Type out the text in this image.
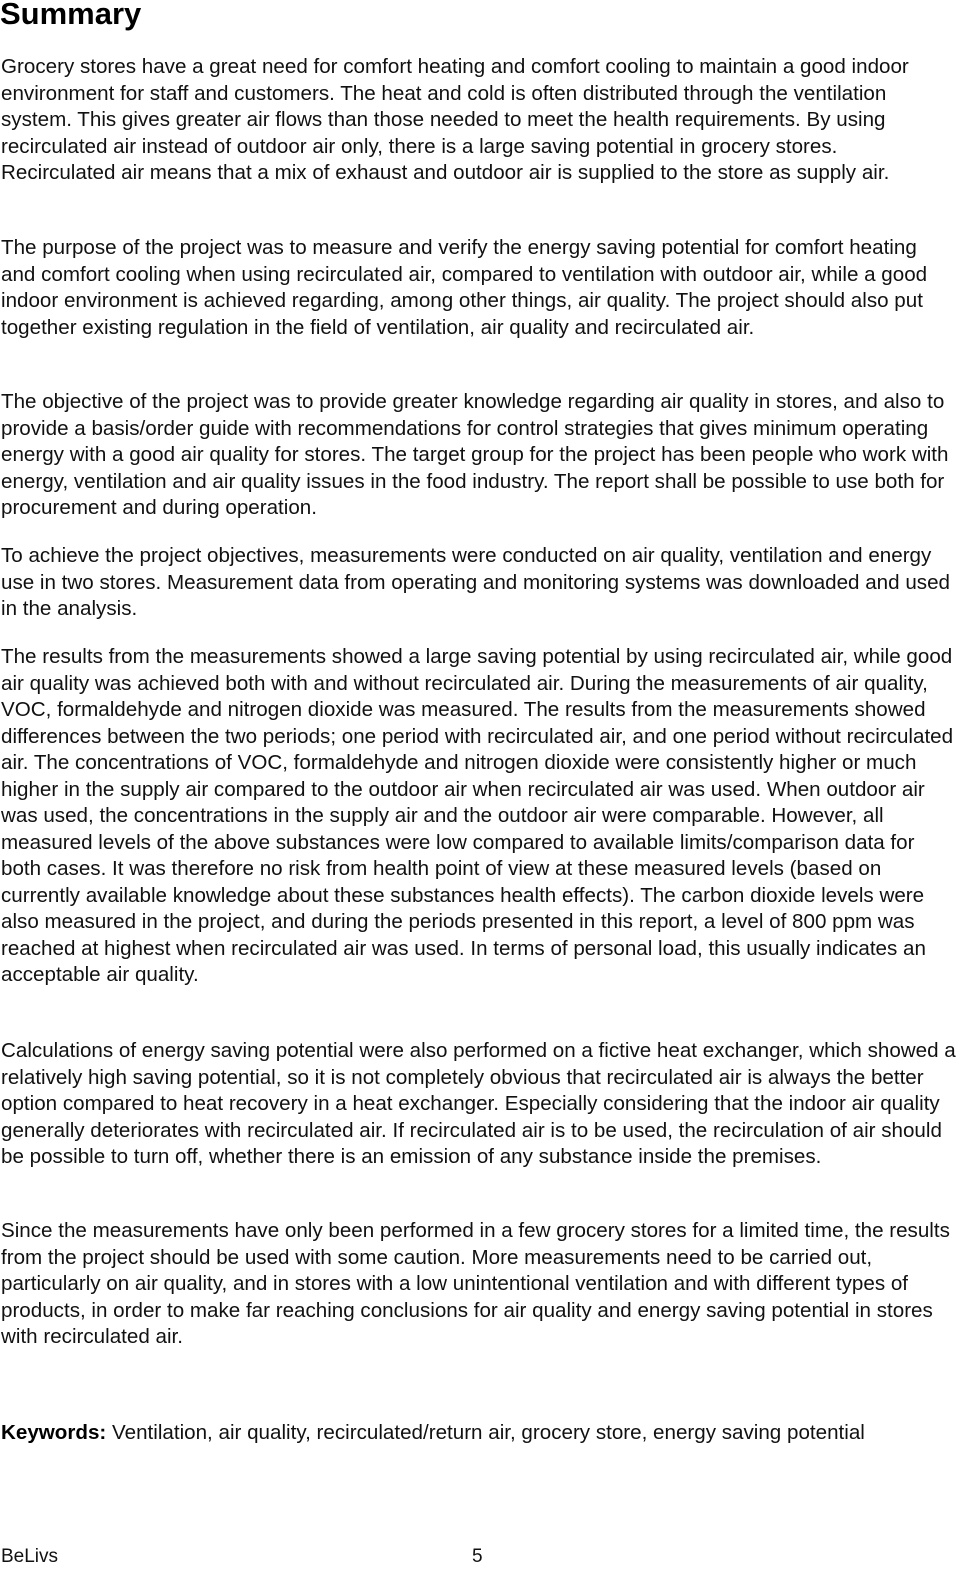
Summary

Grocery stores have a great need for comfort heating and comfort cooling to maintain a good indoor environment for staff and customers. The heat and cold is often distributed through the ventilation system. This gives greater air flows than those needed to meet the health requirements. By using recirculated air instead of outdoor air only, there is a large saving potential in grocery stores. Recirculated air means that a mix of exhaust and outdoor air is supplied to the store as supply air.

The purpose of the project was to measure and verify the energy saving potential for comfort heating and comfort cooling when using recirculated air, compared to ventilation with outdoor air, while a good indoor environment is achieved regarding, among other things, air quality. The project should also put together existing regulation in the field of ventilation, air quality and recirculated air.

The objective of the project was to provide greater knowledge regarding air quality in stores, and also to provide a basis/order guide with recommendations for control strategies that gives minimum operating energy with a good air quality for stores. The target group for the project has been people who work with energy, ventilation and air quality issues in the food industry. The report shall be possible to use both for procurement and during operation.

To achieve the project objectives, measurements were conducted on air quality, ventilation and energy use in two stores. Measurement data from operating and monitoring systems was downloaded and used in the analysis.

The results from the measurements showed a large saving potential by using recirculated air, while good air quality was achieved both with and without recirculated air. During the measurements of air quality, VOC, formaldehyde and nitrogen dioxide was measured. The results from the measurements showed differences between the two periods; one period with recirculated air, and one period without recirculated air. The concentrations of VOC, formaldehyde and nitrogen dioxide were consistently higher or much higher in the supply air compared to the outdoor air when recirculated air was used. When outdoor air was used, the concentrations in the supply air and the outdoor air were comparable. However, all measured levels of the above substances were low compared to available limits/comparison data for both cases. It was therefore no risk from health point of view at these measured levels (based on currently available knowledge about these substances health effects). The carbon dioxide levels were also measured in the project, and during the periods presented in this report, a level of 800 ppm was reached at highest when recirculated air was used. In terms of personal load, this usually indicates an acceptable air quality.

Calculations of energy saving potential were also performed on a fictive heat exchanger, which showed a relatively high saving potential, so it is not completely obvious that recirculated air is always the better option compared to heat recovery in a heat exchanger. Especially considering that the indoor air quality generally deteriorates with recirculated air. If recirculated air is to be used, the recirculation of air should be possible to turn off, whether there is an emission of any substance inside the premises.

Since the measurements have only been performed in a few grocery stores for a limited time, the results from the project should be used with some caution. More measurements need to be carried out, particularly on air quality, and in stores with a low unintentional ventilation and with different types of products, in order to make far reaching conclusions for air quality and energy saving potential in stores with recirculated air.

Keywords: Ventilation, air quality, recirculated/return air, grocery store, energy saving potential

BeLivs	5
